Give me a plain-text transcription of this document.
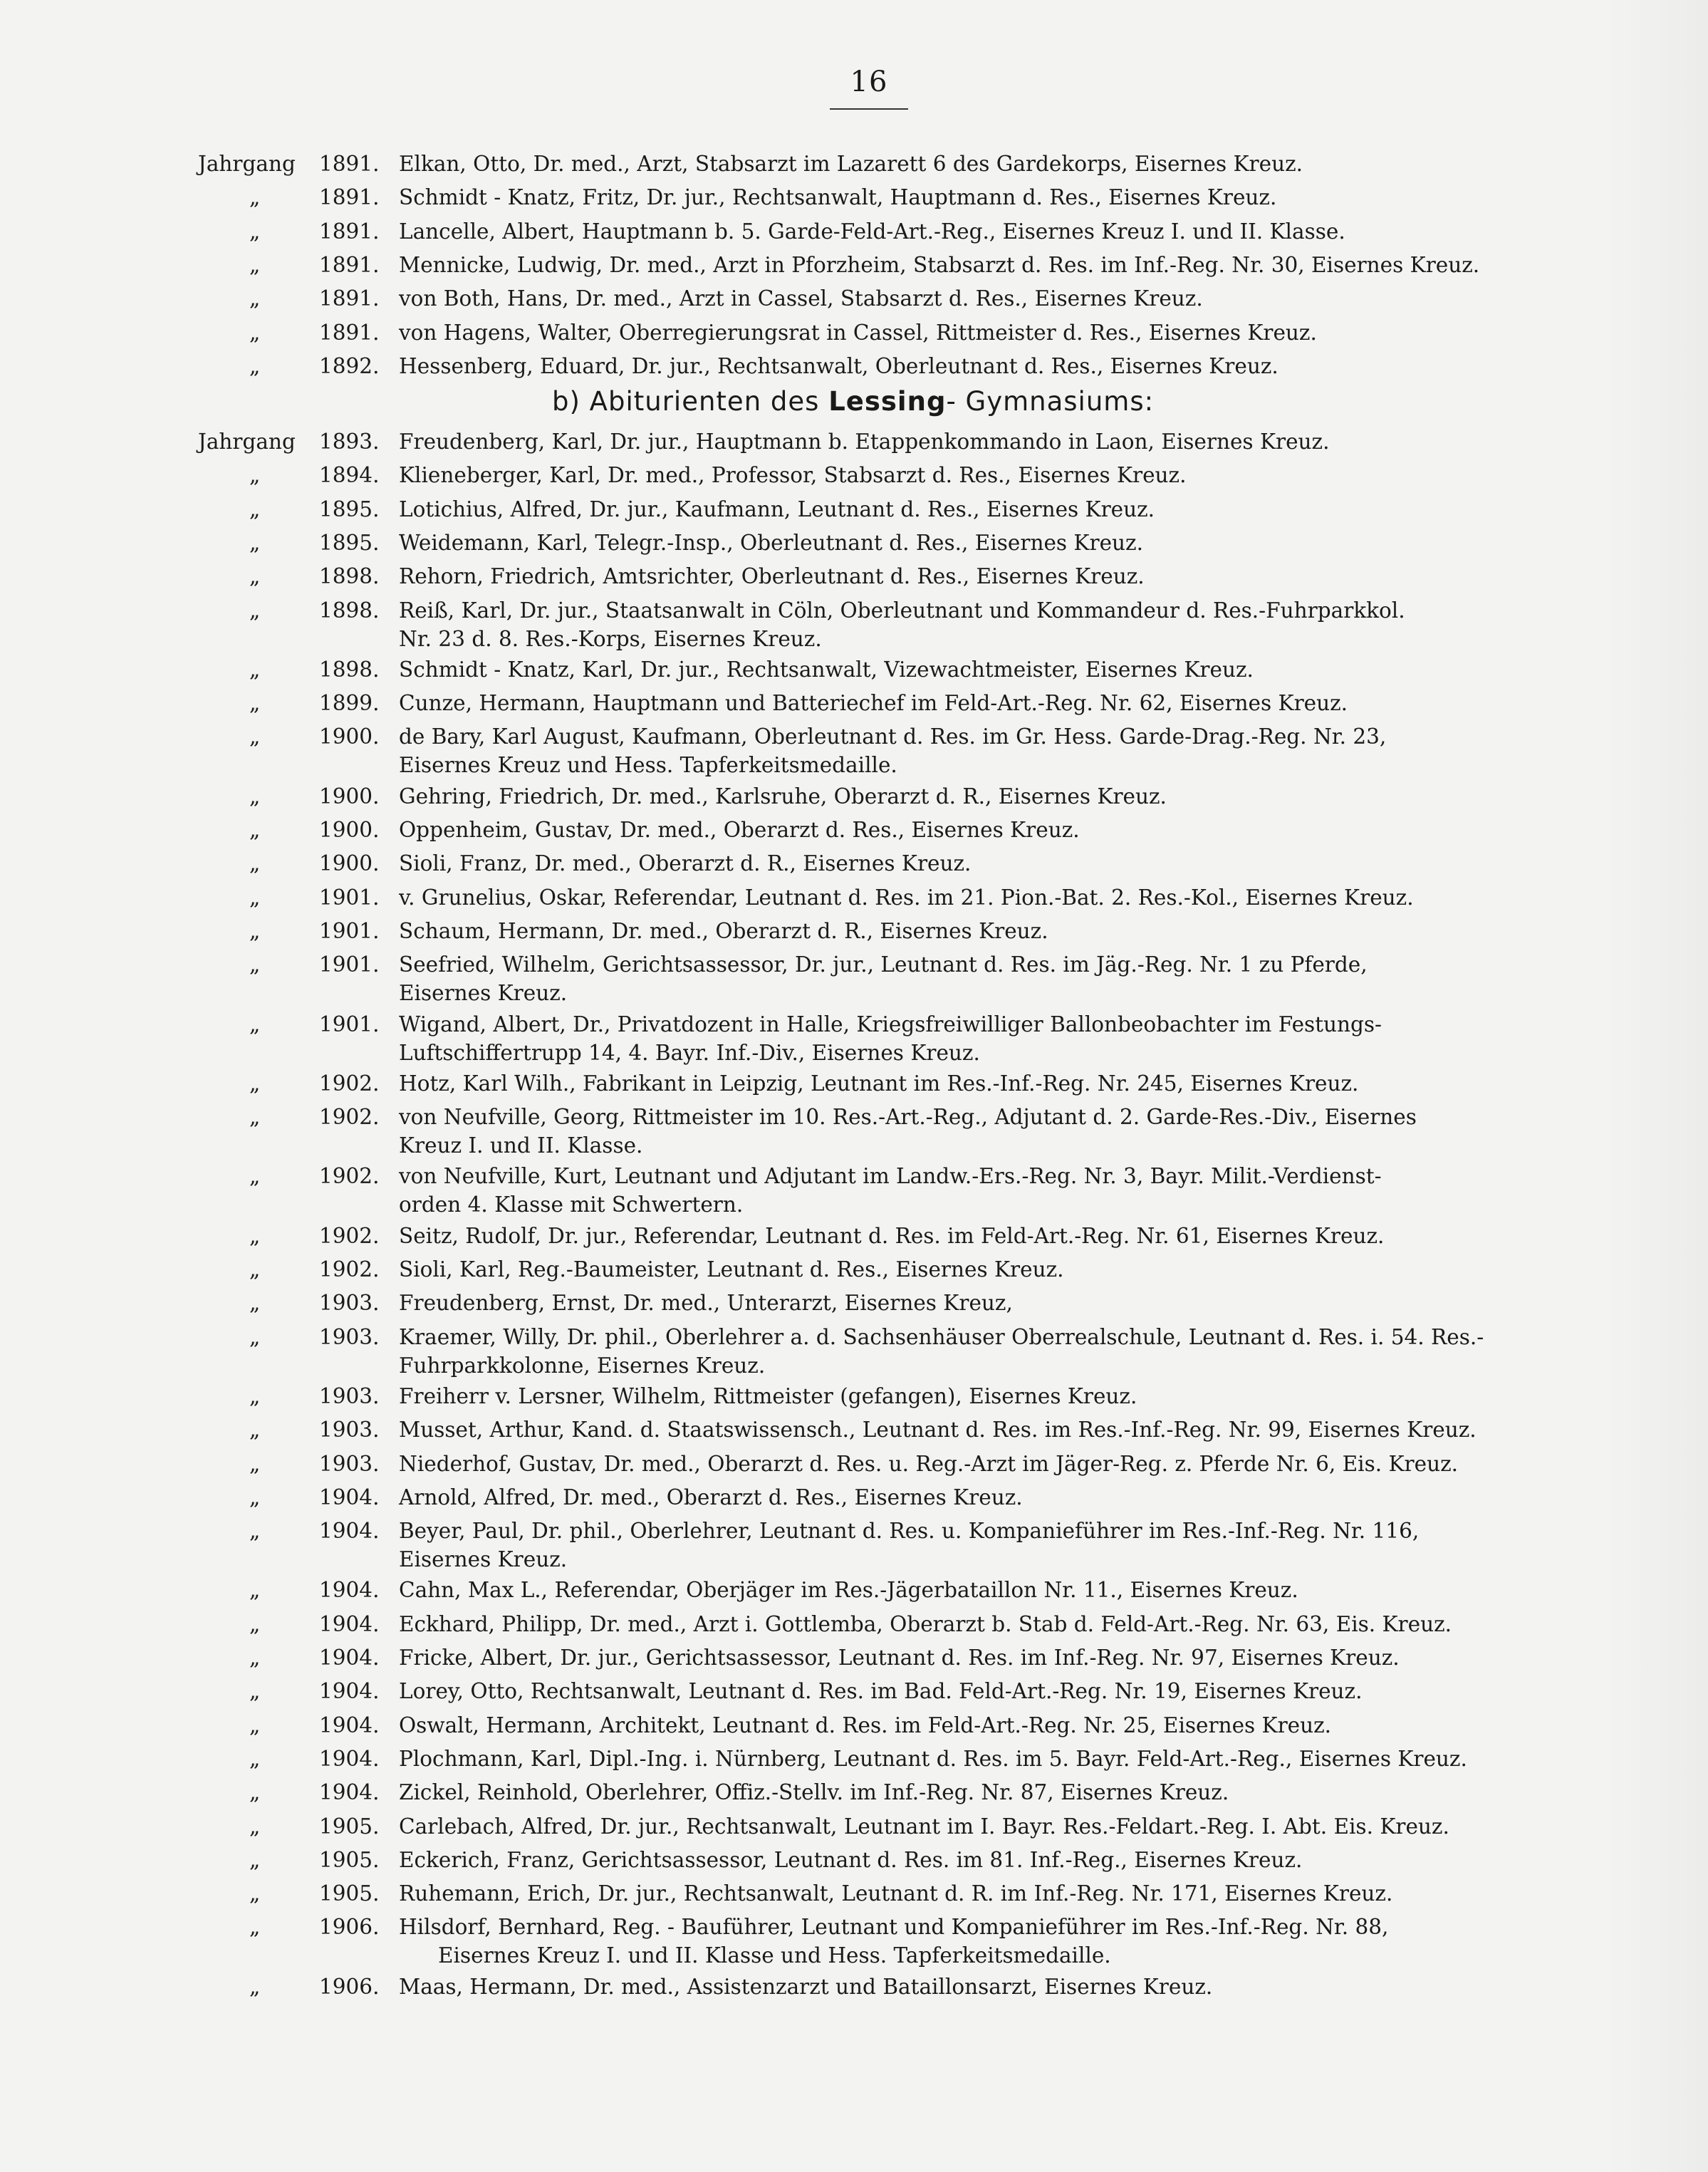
16
Jahrgang	1891. Elkan, Otto, Dr. med., Arzt, Stabsarzt im Lazarett 6 des Gardekorps, Eisernes Kreuz.
„	1891. Schmidt - Knatz, Fritz, Dr. jur., Rechtsanwalt, Hauptmann d. Res., Eisernes Kreuz.
„	1891. Lancelle, Albert, Hauptmann b. 5. Garde-Feld-Art.-Reg., Eisernes Kreuz I. und II. Klasse.
„	1891. Mennicke, Ludwig, Dr. med., Arzt in Pforzheim, Stabsarzt d. Res. im Inf.-Reg. Nr. 30, Eisernes Kreuz.
„	1891. von Both, Hans, Dr. med., Arzt in Cassel, Stabsarzt d. Res., Eisernes Kreuz.
„	1891. von Hagens, Walter, Oberregierungsrat in Cassel, Rittmeister d. Res., Eisernes Kreuz.
„	1892. Hessenberg, Eduard, Dr. jur., Rechtsanwalt, Oberleutnant d. Res., Eisernes Kreuz.
b) Abiturienten des Lessing- Gymnasiums:
Jahrgang	1893. Freudenberg, Karl, Dr. jur., Hauptmann b. Etappenkommando in Laon, Eisernes Kreuz.
„	1894. Klieneberger, Karl, Dr. med., Professor, Stabsarzt d. Res., Eisernes Kreuz.
„	1895. Lotichius, Alfred, Dr. jur., Kaufmann, Leutnant d. Res., Eisernes Kreuz.
„	1895. Weidemann, Karl, Telegr.-Insp., Oberleutnant d. Res., Eisernes Kreuz.
„	1898. Rehorn, Friedrich, Amtsrichter, Oberleutnant d. Res., Eisernes Kreuz.
„	1898. Reiß, Karl, Dr. jur., Staatsanwalt in Cöln, Oberleutnant und Kommandeur d. Res.-Fuhrparkkol.
Nr. 23 d. 8. Res.-Korps, Eisernes Kreuz.
„	1898. Schmidt - Knatz, Karl, Dr. jur., Rechtsanwalt, Vizewachtmeister, Eisernes Kreuz.
„	1899. Cunze, Hermann, Hauptmann und Batteriechef im Feld-Art.-Reg. Nr. 62, Eisernes Kreuz.
„	1900. de Bary, Karl August, Kaufmann, Oberleutnant d. Res. im Gr. Hess. Garde-Drag.-Reg. Nr. 23,
Eisernes Kreuz und Hess. Tapferkeitsmedaille.
„	1900. Gehring, Friedrich, Dr. med., Karlsruhe, Oberarzt d. R., Eisernes Kreuz.
„	1900. Oppenheim, Gustav, Dr. med., Oberarzt d. Res., Eisernes Kreuz.
„	1900. Sioli, Franz, Dr. med., Oberarzt d. R., Eisernes Kreuz.
„	1901. v. Grunelius, Oskar, Referendar, Leutnant d. Res. im 21. Pion.-Bat. 2. Res.-Kol., Eisernes Kreuz.
„	1901. Schaum, Hermann, Dr. med., Oberarzt d. R., Eisernes Kreuz.
„	1901. Seefried, Wilhelm, Gerichtsassessor, Dr. jur., Leutnant d. Res. im Jäg.-Reg. Nr. 1 zu Pferde,
Eisernes Kreuz.
„	1901. Wigand, Albert, Dr., Privatdozent in Halle, Kriegsfreiwilliger Ballonbeobachter im Festungs-
Luftschiffertrupp 14, 4. Bayr. Inf.-Div., Eisernes Kreuz.
„	1902. Hotz, Karl Wilh., Fabrikant in Leipzig, Leutnant im Res.-Inf.-Reg. Nr. 245, Eisernes Kreuz.
„	1902. von Neufville, Georg, Rittmeister im 10. Res.-Art.-Reg., Adjutant d. 2. Garde-Res.-Div., Eisernes
Kreuz I. und II. Klasse.
„	1902. von Neufville, Kurt, Leutnant und Adjutant im Landw.-Ers.-Reg. Nr. 3, Bayr. Milit.-Verdienst-
orden 4. Klasse mit Schwertern.
„	1902. Seitz, Rudolf, Dr. jur., Referendar, Leutnant d. Res. im Feld-Art.-Reg. Nr. 61, Eisernes Kreuz.
„	1902. Sioli, Karl, Reg.-Baumeister, Leutnant d. Res., Eisernes Kreuz.
„	1903. Freudenberg, Ernst, Dr. med., Unterarzt, Eisernes Kreuz,
„	1903. Kraemer, Willy, Dr. phil., Oberlehrer a. d. Sachsenhäuser Oberrealschule, Leutnant d. Res. i. 54. Res.-
Fuhrparkkolonne, Eisernes Kreuz.
„	1903. Freiherr v. Lersner, Wilhelm, Rittmeister (gefangen), Eisernes Kreuz.
„	1903. Musset, Arthur, Kand. d. Staatswissensch., Leutnant d. Res. im Res.-Inf.-Reg. Nr. 99, Eisernes Kreuz.
„	1903. Niederhof, Gustav, Dr. med., Oberarzt d. Res. u. Reg.-Arzt im Jäger-Reg. z. Pferde Nr. 6, Eis. Kreuz.
„	1904. Arnold, Alfred, Dr. med., Oberarzt d. Res., Eisernes Kreuz.
„	1904. Beyer, Paul, Dr. phil., Oberlehrer, Leutnant d. Res. u. Kompanieführer im Res.-Inf.-Reg. Nr. 116,
Eisernes Kreuz.
„	1904. Cahn, Max L., Referendar, Oberjäger im Res.-Jägerbataillon Nr. 11., Eisernes Kreuz.
„	1904. Eckhard, Philipp, Dr. med., Arzt i. Gottlemba, Oberarzt b. Stab d. Feld-Art.-Reg. Nr. 63, Eis. Kreuz.
„	1904. Fricke, Albert, Dr. jur., Gerichtsassessor, Leutnant d. Res. im Inf.-Reg. Nr. 97, Eisernes Kreuz.
„	1904. Lorey, Otto, Rechtsanwalt, Leutnant d. Res. im Bad. Feld-Art.-Reg. Nr. 19, Eisernes Kreuz.
„	1904. Oswalt, Hermann, Architekt, Leutnant d. Res. im Feld-Art.-Reg. Nr. 25, Eisernes Kreuz.
„	1904. Plochmann, Karl, Dipl.-Ing. i. Nürnberg, Leutnant d. Res. im 5. Bayr. Feld-Art.-Reg., Eisernes Kreuz.
„	1904. Zickel, Reinhold, Oberlehrer, Offiz.-Stellv. im Inf.-Reg. Nr. 87, Eisernes Kreuz.
„	1905. Carlebach, Alfred, Dr. jur., Rechtsanwalt, Leutnant im I. Bayr. Res.-Feldart.-Reg. I. Abt. Eis. Kreuz.
„	1905. Eckerich, Franz, Gerichtsassessor, Leutnant d. Res. im 81. Inf.-Reg., Eisernes Kreuz.
„	1905. Ruhemann, Erich, Dr. jur., Rechtsanwalt, Leutnant d. R. im Inf.-Reg. Nr. 171, Eisernes Kreuz.
„	1906. Hilsdorf, Bernhard, Reg. - Bauführer, Leutnant und Kompanieführer im Res.-Inf.-Reg. Nr. 88,
Eisernes Kreuz I. und II. Klasse und Hess. Tapferkeitsmedaille.
„	1906. Maas, Hermann, Dr. med., Assistenzarzt und Bataillonsarzt, Eisernes Kreuz.
